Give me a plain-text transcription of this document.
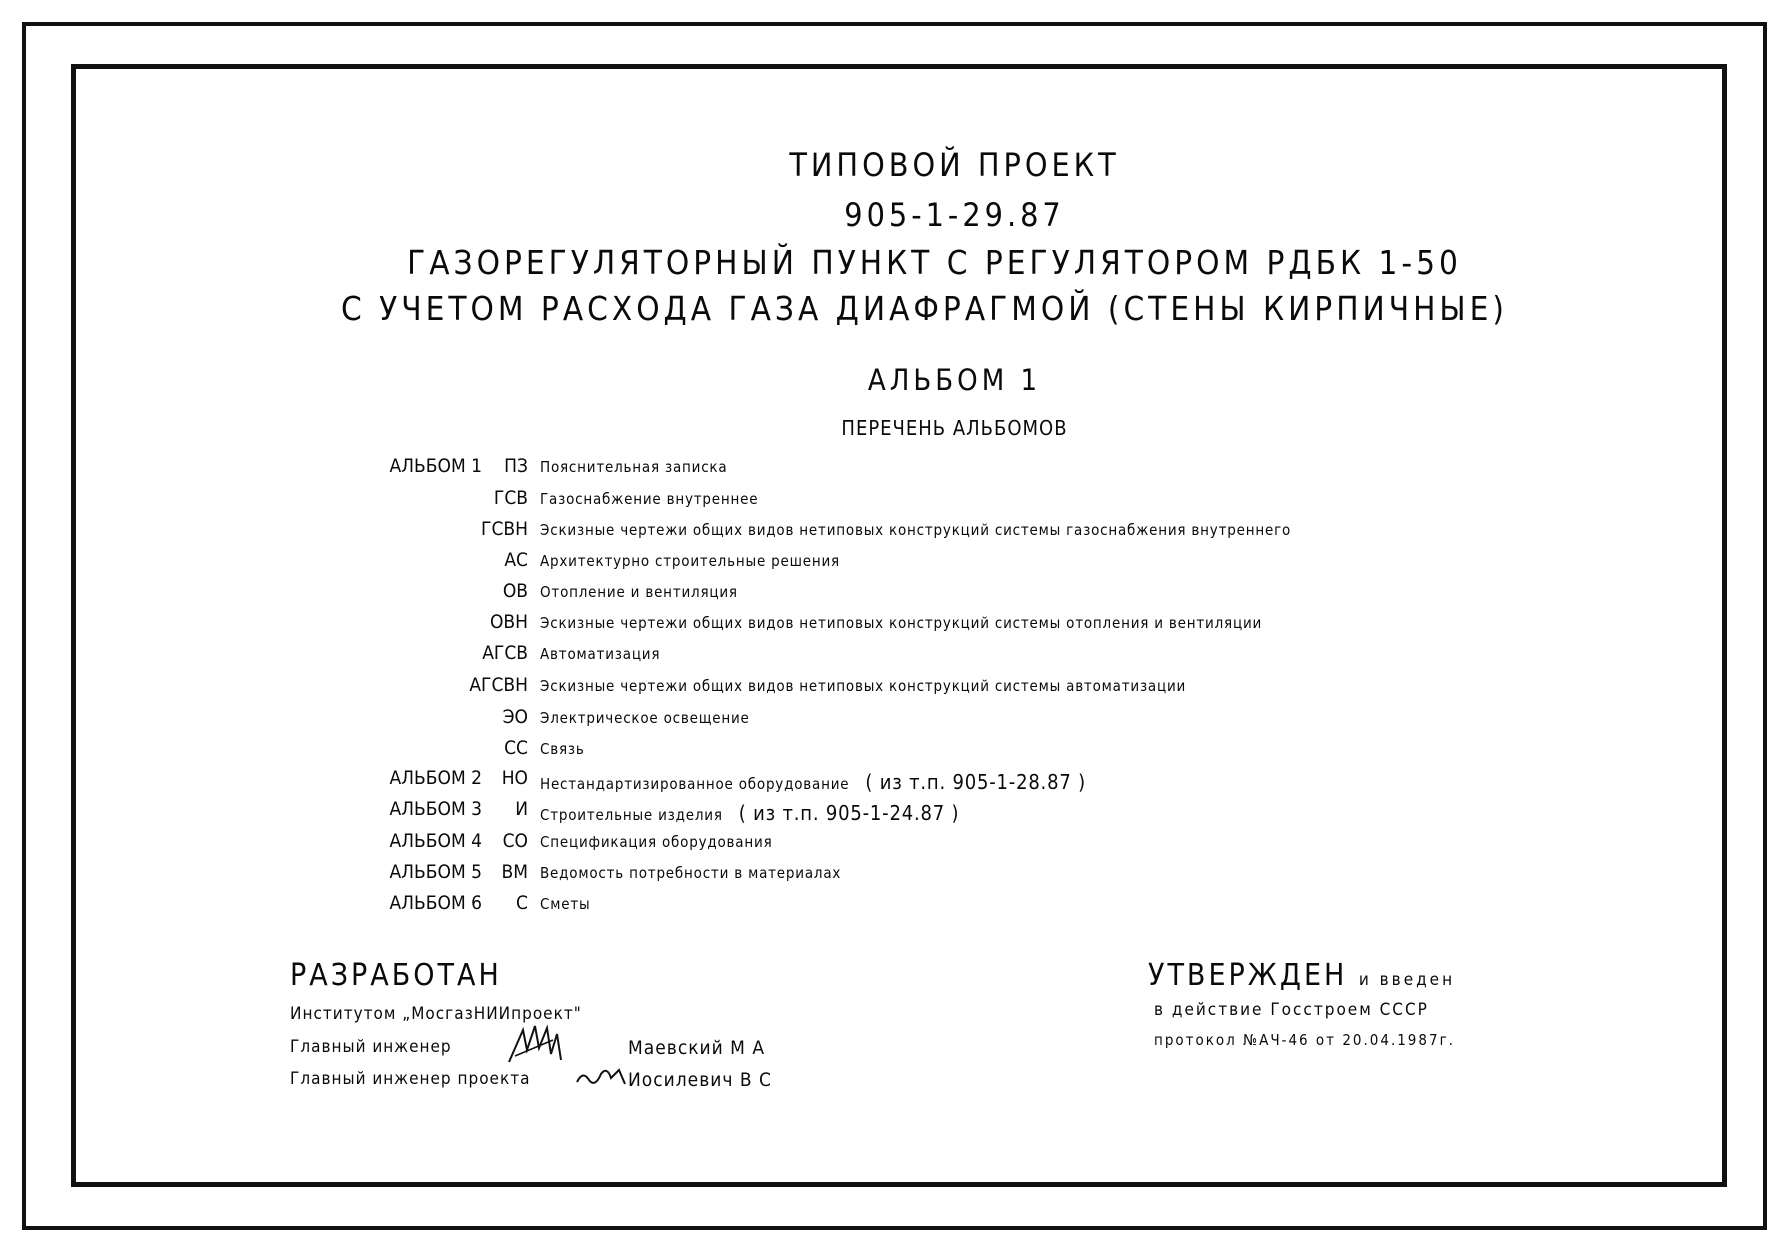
ТИПОВОЙ ПРОЕКТ
905-1-29.87
ГАЗОРЕГУЛЯТОРНЫЙ ПУНКТ С РЕГУЛЯТОРОМ РДБК 1-50
С УЧЕТОМ РАСХОДА ГАЗА ДИАФРАГМОЙ (СТЕНЫ КИРПИЧНЫЕ)
АЛЬБОМ 1
ПЕРЕЧЕНЬ АЛЬБОМОВ
АЛЬБОМ 1 ПЗ Пояснительная записка
ГСВ Газоснабжение внутреннее
ГСВН Эскизные чертежи общих видов нетиповых конструкций системы газоснабжения внутреннего
АС Архитектурно строительные решения
ОВ Отопление и вентиляция
ОВН Эскизные чертежи общих видов нетиповых конструкций системы отопления и вентиляции
АГСВ Автоматизация
АГСВН Эскизные чертежи общих видов нетиповых конструкций системы автоматизации
ЭО Электрическое освещение
СС Связь
АЛЬБОМ 2 НО Нестандартизированное оборудование ( из т.п. 905-1-28.87 )
АЛЬБОМ 3 И Строительные изделия ( из т.п. 905-1-24.87 )
АЛЬБОМ 4 СО Спецификация оборудования
АЛЬБОМ 5 ВМ Ведомость потребности в материалах
АЛЬБОМ 6 С Сметы
РАЗРАБОТАН
Институтом „МосгазНИИпроект"
Главный инженер	Маевский М А
Главный инженер проекта	Иосилевич В С
УТВЕРЖДЕН и введен
в действие Госстроем СССР
протокол №АЧ-46 от 20.04.1987г.
